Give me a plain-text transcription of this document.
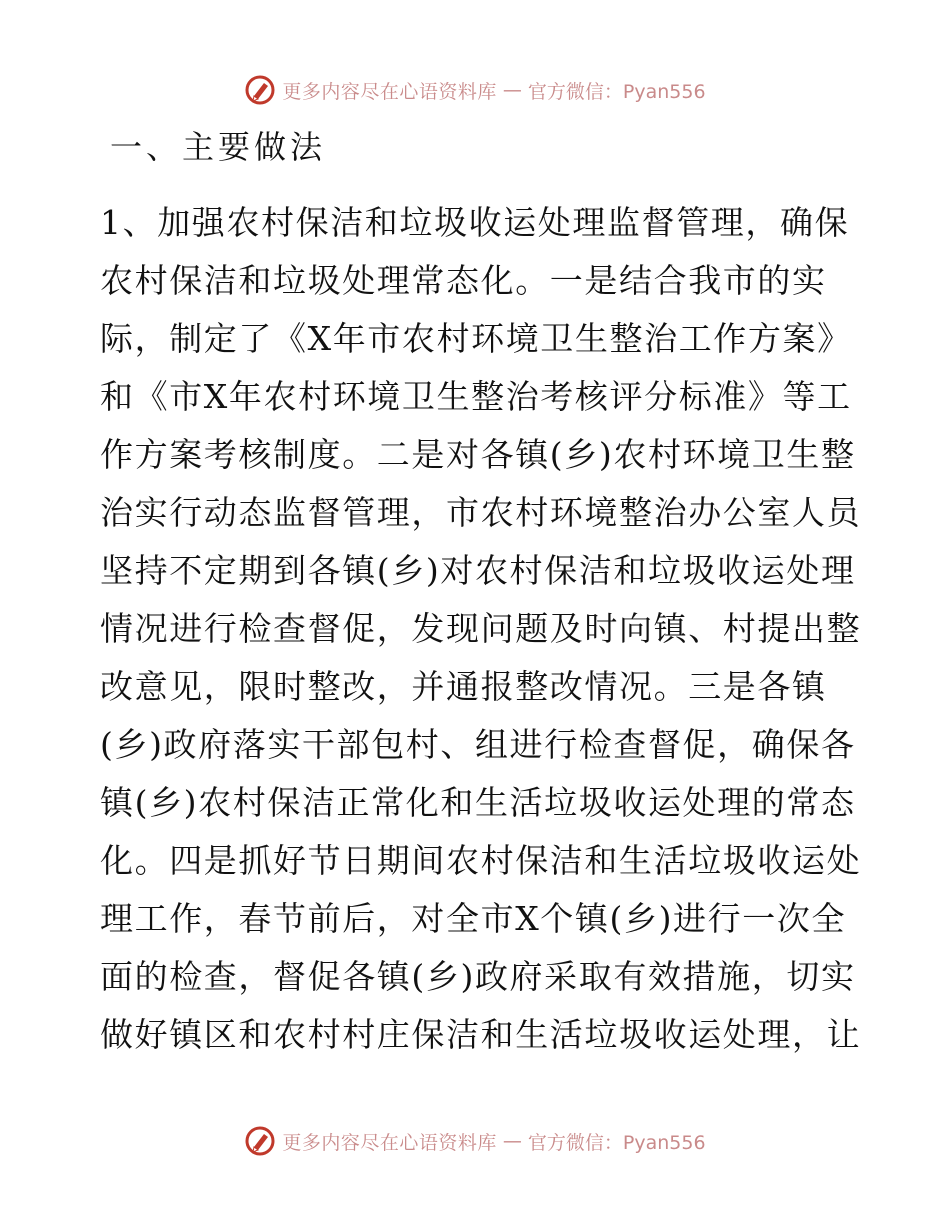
更多内容尽在心语资料库 — 官方微信：Pyan556
一、主要做法
1、加强农村保洁和垃圾收运处理监督管理，确保
农村保洁和垃圾处理常态化。一是结合我市的实
际，制定了《X年市农村环境卫生整治工作方案》
和《市X年农村环境卫生整治考核评分标准》等工
作方案考核制度。二是对各镇(乡)农村环境卫生整
治实行动态监督管理，市农村环境整治办公室人员
坚持不定期到各镇(乡)对农村保洁和垃圾收运处理
情况进行检查督促，发现问题及时向镇、村提出整
改意见，限时整改，并通报整改情况。三是各镇
(乡)政府落实干部包村、组进行检查督促，确保各
镇(乡)农村保洁正常化和生活垃圾收运处理的常态
化。四是抓好节日期间农村保洁和生活垃圾收运处
理工作，春节前后，对全市X个镇(乡)进行一次全
面的检查，督促各镇(乡)政府采取有效措施，切实
做好镇区和农村村庄保洁和生活垃圾收运处理，让
更多内容尽在心语资料库 — 官方微信：Pyan556
